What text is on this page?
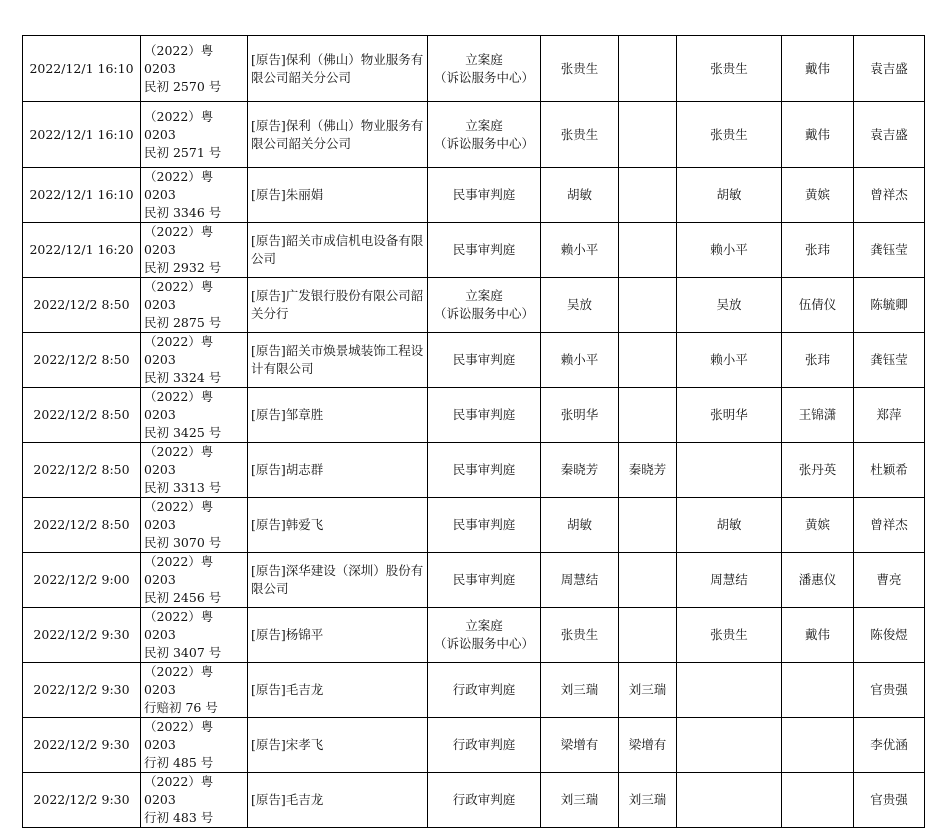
2022/12/1 16:10	（2022）粤 0203
民初 2570 号	[原告]保利（佛山）物业服务有限公司韶关分公司	立案庭
（诉讼服务中心）	张贵生		张贵生	戴伟	袁吉盛

2022/12/1 16:10	（2022）粤 0203
民初 2571 号	[原告]保利（佛山）物业服务有限公司韶关分公司	立案庭
（诉讼服务中心）	张贵生		张贵生	戴伟	袁吉盛

2022/12/1 16:10	（2022）粤 0203
民初 3346 号	[原告]朱丽娟	民事审判庭	胡敏		胡敏	黄嫔	曾祥杰

2022/12/1 16:20	（2022）粤 0203
民初 2932 号	[原告]韶关市成信机电设备有限公司	民事审判庭	赖小平		赖小平	张玮	龚钰莹

2022/12/2 8:50	（2022）粤 0203
民初 2875 号	[原告]广发银行股份有限公司韶关分行	立案庭
（诉讼服务中心）	吴放		吴放	伍倩仪	陈毓卿

2022/12/2 8:50	（2022）粤 0203
民初 3324 号	[原告]韶关市焕景城装饰工程设计有限公司	民事审判庭	赖小平		赖小平	张玮	龚钰莹

2022/12/2 8:50	（2022）粤 0203
民初 3425 号	[原告]邹章胜	民事审判庭	张明华		张明华	王锦潇	郑萍

2022/12/2 8:50	（2022）粤 0203
民初 3313 号	[原告]胡志群	民事审判庭	秦晓芳	秦晓芳		张丹英	杜颖希

2022/12/2 8:50	（2022）粤 0203
民初 3070 号	[原告]韩爱飞	民事审判庭	胡敏		胡敏	黄嫔	曾祥杰

2022/12/2 9:00	（2022）粤 0203
民初 2456 号	[原告]深华建设（深圳）股份有限公司	民事审判庭	周慧结		周慧结	潘惠仪	曹亮

2022/12/2 9:30	（2022）粤 0203
民初 3407 号	[原告]杨锦平	立案庭
（诉讼服务中心）	张贵生		张贵生	戴伟	陈俊煜

2022/12/2 9:30	（2022）粤 0203
行赔初 76 号	[原告]毛吉龙	行政审判庭	刘三瑞	刘三瑞			官贵强

2022/12/2 9:30	（2022）粤 0203
行初 485 号	[原告]宋孝飞	行政审判庭	梁增有	梁增有			李优涵

2022/12/2 9:30	（2022）粤 0203
行初 483 号	[原告]毛吉龙	行政审判庭	刘三瑞	刘三瑞			官贵强
